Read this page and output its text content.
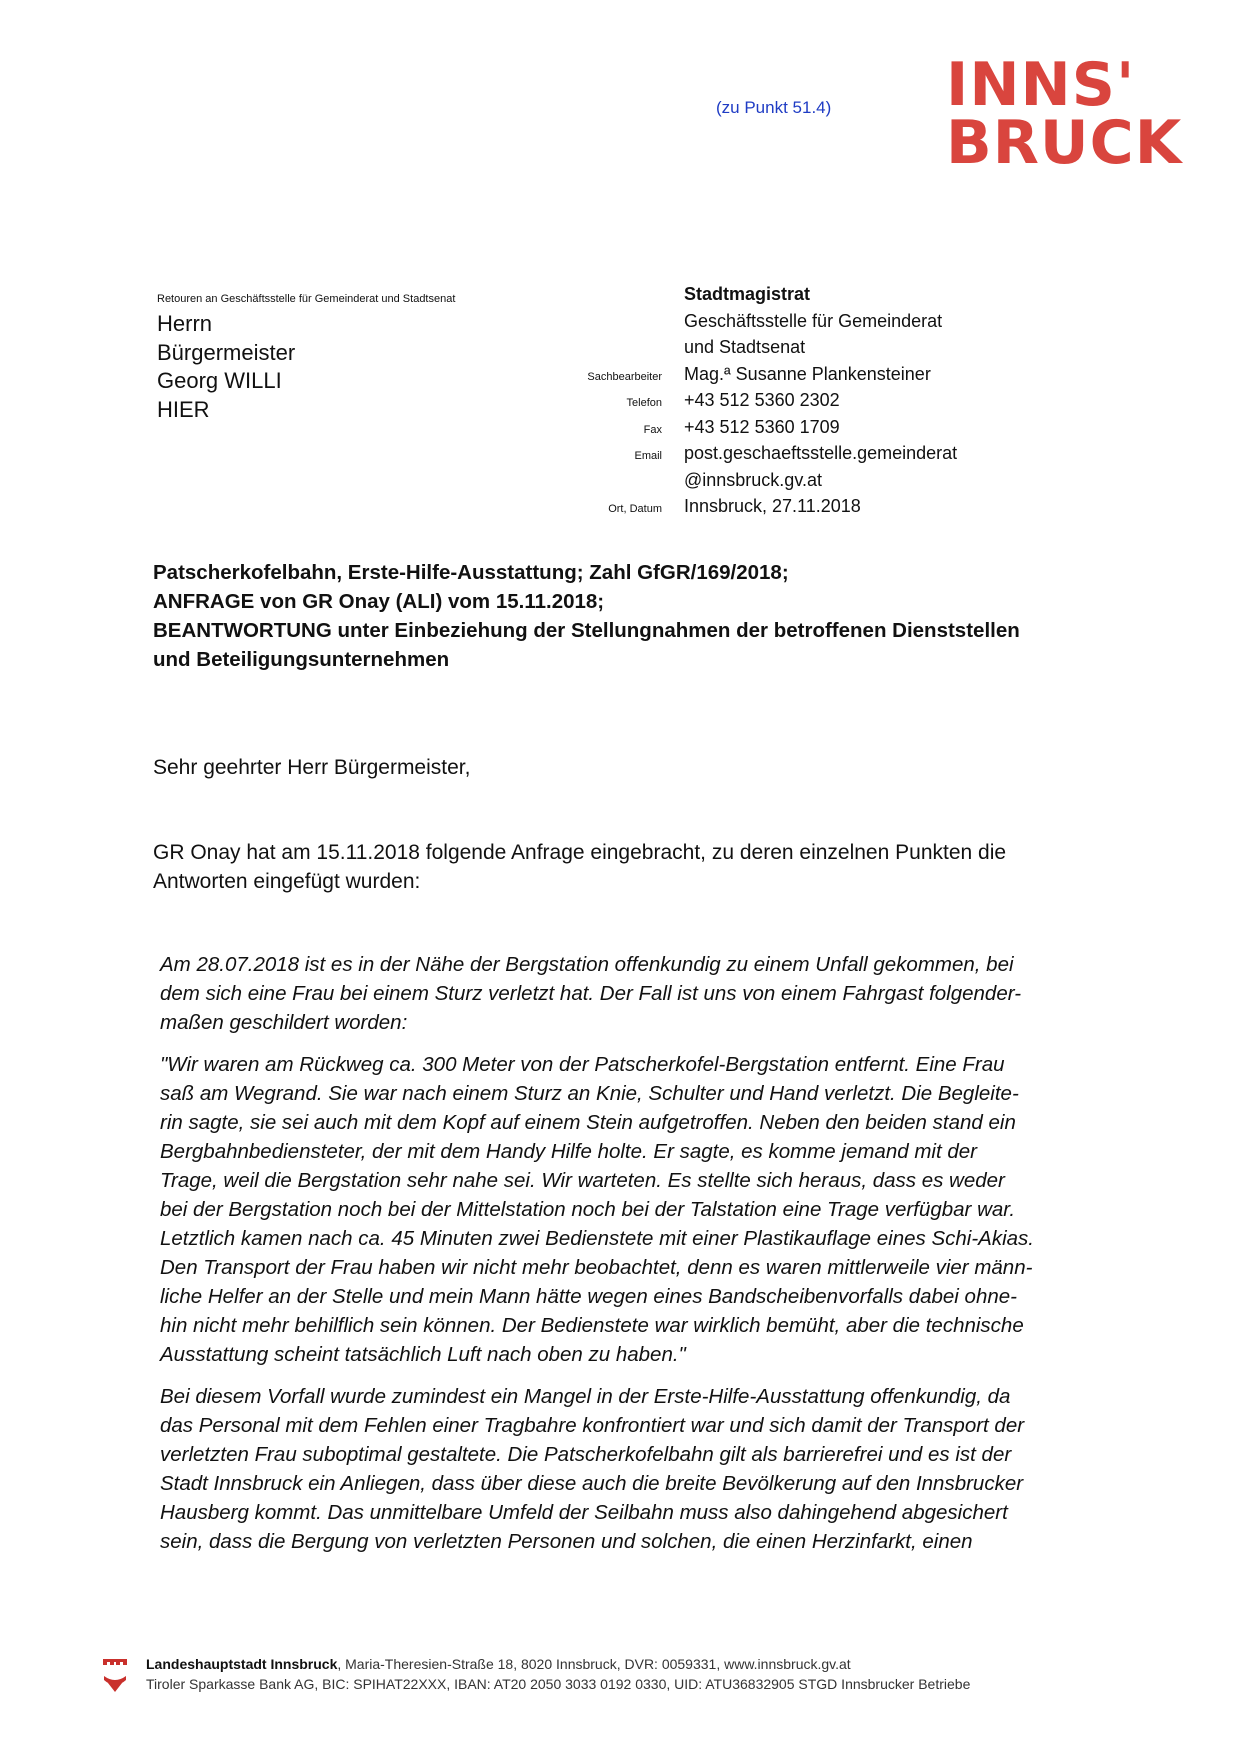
(zu Punkt 51.4) INNS'
BRUCK
Retouren an Geschäftsstelle für Gemeinderat und Stadtsenat
Herrn
Bürgermeister
Georg WILLI
HIER
Stadtmagistrat
Geschäftsstelle für Gemeinderat
und Stadtsenat
Sachbearbeiter	Mag.ª Susanne Plankensteiner
Telefon	+43 512 5360 2302
Fax	+43 512 5360 1709
Email	post.geschaeftsstelle.gemeinderat
@innsbruck.gv.at
Ort, Datum	Innsbruck, 27.11.2018
Patscherkofelbahn, Erste-Hilfe-Ausstattung; Zahl GfGR/169/2018;
ANFRAGE von GR Onay (ALI) vom 15.11.2018;
BEANTWORTUNG unter Einbeziehung der Stellungnahmen der betroffenen Dienststellen
und Beteiligungsunternehmen
Sehr geehrter Herr Bürgermeister,
GR Onay hat am 15.11.2018 folgende Anfrage eingebracht, zu deren einzelnen Punkten die
Antworten eingefügt wurden:

Am 28.07.2018 ist es in der Nähe der Bergstation offenkundig zu einem Unfall gekommen, bei
dem sich eine Frau bei einem Sturz verletzt hat. Der Fall ist uns von einem Fahrgast folgender-
maßen geschildert worden:

"Wir waren am Rückweg ca. 300 Meter von der Patscherkofel-Bergstation entfernt. Eine Frau
saß am Wegrand. Sie war nach einem Sturz an Knie, Schulter und Hand verletzt. Die Begleite-
rin sagte, sie sei auch mit dem Kopf auf einem Stein aufgetroffen. Neben den beiden stand ein
Bergbahnbediensteter, der mit dem Handy Hilfe holte. Er sagte, es komme jemand mit der
Trage, weil die Bergstation sehr nahe sei. Wir warteten. Es stellte sich heraus, dass es weder
bei der Bergstation noch bei der Mittelstation noch bei der Talstation eine Trage verfügbar war.
Letztlich kamen nach ca. 45 Minuten zwei Bedienstete mit einer Plastikauflage eines Schi-Akias.
Den Transport der Frau haben wir nicht mehr beobachtet, denn es waren mittlerweile vier männ-
liche Helfer an der Stelle und mein Mann hätte wegen eines Bandscheibenvorfalls dabei ohne-
hin nicht mehr behilflich sein können. Der Bedienstete war wirklich bemüht, aber die technische
Ausstattung scheint tatsächlich Luft nach oben zu haben."

Bei diesem Vorfall wurde zumindest ein Mangel in der Erste-Hilfe-Ausstattung offenkundig, da
das Personal mit dem Fehlen einer Tragbahre konfrontiert war und sich damit der Transport der
verletzten Frau suboptimal gestaltete. Die Patscherkofelbahn gilt als barrierefrei und es ist der
Stadt Innsbruck ein Anliegen, dass über diese auch die breite Bevölkerung auf den Innsbrucker
Hausberg kommt. Das unmittelbare Umfeld der Seilbahn muss also dahingehend abgesichert
sein, dass die Bergung von verletzten Personen und solchen, die einen Herzinfarkt, einen

Landeshauptstadt Innsbruck, Maria-Theresien-Straße 18, 8020 Innsbruck, DVR: 0059331, www.innsbruck.gv.at
Tiroler Sparkasse Bank AG, BIC: SPIHAT22XXX, IBAN: AT20 2050 3033 0192 0330, UID: ATU36832905 STGD Innsbrucker Betriebe
